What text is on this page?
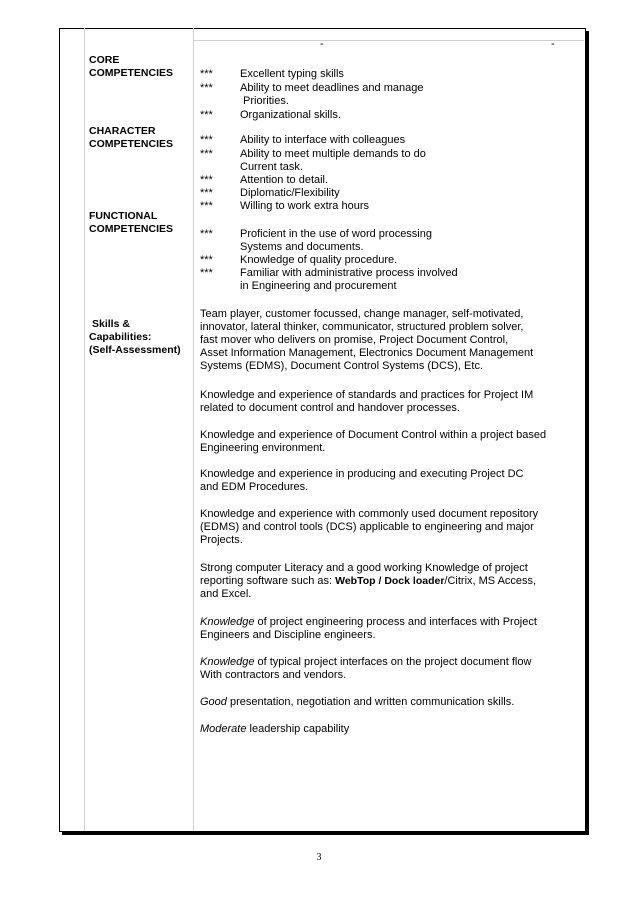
-	-
CORE
COMPETENCIES
CHARACTER
COMPETENCIES
FUNCTIONAL
COMPETENCIES
Skills &
Capabilities:
(Self-Assessment)
*** Excellent typing skills
*** Ability to meet deadlines and manage
Priorities.
*** Organizational skills.
*** Ability to interface with colleagues
*** Ability to meet multiple demands to do
Current task.
*** Attention to detail.
*** Diplomatic/Flexibility
*** Willing to work extra hours
*** Proficient in the use of word processing
Systems and documents.
*** Knowledge of quality procedure.
*** Familiar with administrative process involved
in Engineering and procurement
Team player, customer focussed, change manager, self-motivated,
innovator, lateral thinker, communicator, structured problem solver,
fast mover who delivers on promise, Project Document Control,
Asset Information Management, Electronics Document Management
Systems (EDMS), Document Control Systems (DCS), Etc.
Knowledge and experience of standards and practices for Project IM
related to document control and handover processes.
Knowledge and experience of Document Control within a project based
Engineering environment.
Knowledge and experience in producing and executing Project DC
and EDM Procedures.
Knowledge and experience with commonly used document repository
(EDMS) and control tools (DCS) applicable to engineering and major
Projects.
Strong computer Literacy and a good working Knowledge of project
reporting software such as: WebTop / Dock loader/Citrix, MS Access,
and Excel.
Knowledge of project engineering process and interfaces with Project
Engineers and Discipline engineers.
Knowledge of typical project interfaces on the project document flow
With contractors and vendors.
Good presentation, negotiation and written communication skills.
Moderate leadership capability
3
